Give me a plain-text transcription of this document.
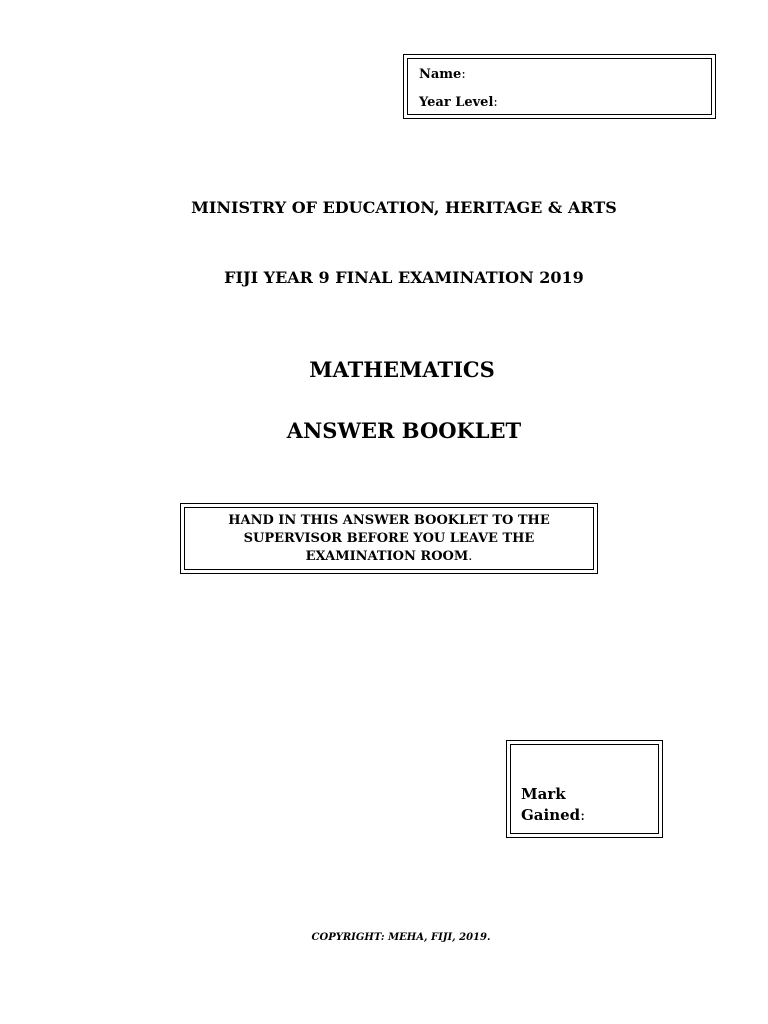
Name:
Year Level:
MINISTRY OF EDUCATION, HERITAGE & ARTS
FIJI YEAR 9 FINAL EXAMINATION 2019
MATHEMATICS
ANSWER BOOKLET
HAND IN THIS ANSWER BOOKLET TO THE SUPERVISOR BEFORE YOU LEAVE THE EXAMINATION ROOM.
Mark
Gained:
COPYRIGHT: MEHA, FIJI, 2019.
